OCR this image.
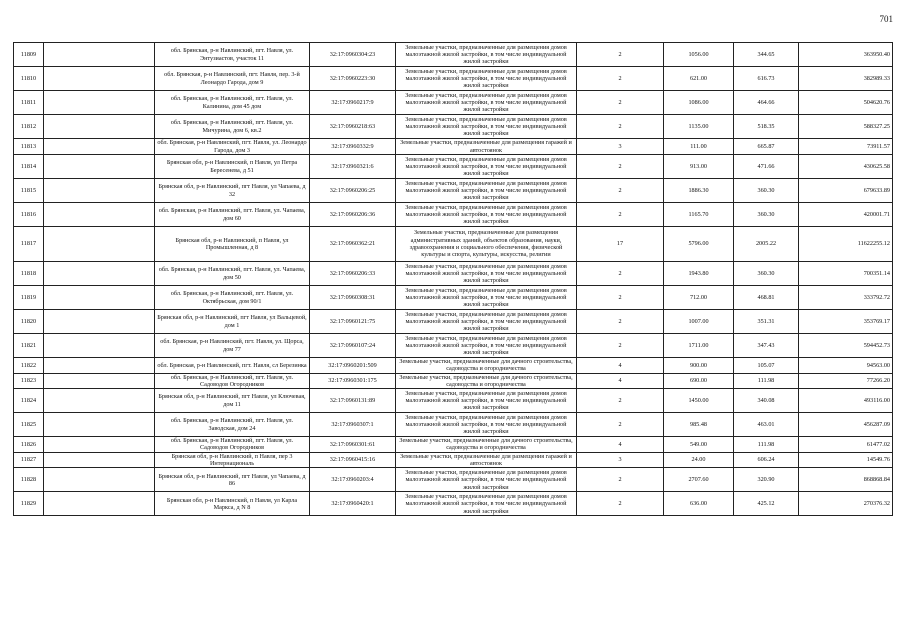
701
11809		обл. Брянская, р-н Навлинский, пгт. Навля, ул. Энтузиастов, участок 11	32:17:0960304:23	Земельные участки, предназначенные для размещения домов малоэтажной жилой застройки, в том числе индивидуальной жилой застройки	2	1056.00	344.65	363950.40
11810		обл. Брянская, р-н Навлинский, пгт. Навля, пер. 3-й Леонардо Гарода, дом 9	32:17:0960223:30	Земельные участки, предназначенные для размещения домов малоэтажной жилой застройки, в том числе индивидуальной жилой застройки	2	621.00	616.73	382989.33
11811		обл. Брянская, р-н Навлинский, пгт. Навля, ул. Калинина, дом 45 дом	32:17:0960217:9	Земельные участки, предназначенные для размещения домов малоэтажной жилой застройки, в том числе индивидуальной жилой застройки	2	1086.00	464.66	504620.76
11812		обл. Брянская, р-н Навлинский, пгт. Навля, ул. Мичурина, дом 6, кв.2	32:17:0960218:63	Земельные участки, предназначенные для размещения домов малоэтажной жилой застройки, в том числе индивидуальной жилой застройки	2	1135.00	518.35	588327.25
11813		обл. Брянская, р-н Навлинский, пгт. Навля, ул. Леонардо Гарода, дом 3	32:17:0960332:9	Земельные участки, предназначенные для размещения гаражей и автостоянок	3	111.00	665.87	73911.57
11814		Брянская обл, р-н Навлинский, п Навля, ул Петра Бересенева, д 51	32:17:0960321:6	Земельные участки, предназначенные для размещения домов малоэтажной жилой застройки, в том числе индивидуальной жилой застройки	2	913.00	471.66	430625.58
11815		Брянская обл, р-н Навлинский, пгт Навля, ул Чапаева, д 32	32:17:0960206:25	Земельные участки, предназначенные для размещения домов малоэтажной жилой застройки, в том числе индивидуальной жилой застройки	2	1886.30	360.30	679633.89
11816		обл. Брянская, р-н Навлинский, пгт. Навля, ул. Чапаева, дом 60	32:17:0960206:36	Земельные участки, предназначенные для размещения домов малоэтажной жилой застройки, в том числе индивидуальной жилой застройки	2	1165.70	360.30	420001.71
11817		Брянская обл, р-н Навлинский, п Навля, ул Промышленная, д 8	32:17:0960362:21	Земельные участки, предназначенные для размещения административных зданий, объектов образования, науки, здравоохранения и социального обеспечения, физической культуры и спорта, культуры, искусства, религии	17	5796.00	2005.22	11622255.12
11818		обл. Брянская, р-н Навлинский, пгт. Навля, ул. Чапаева, дом 50	32:17:0960206:33	Земельные участки, предназначенные для размещения домов малоэтажной жилой застройки, в том числе индивидуальной жилой застройки	2	1943.80	360.30	700351.14
11819		обл. Брянская, р-н Навлинский, пгт. Навля, ул. Октябрьская, дом 90/1	32:17:0960308:31	Земельные участки, предназначенные для размещения домов малоэтажной жилой застройки, в том числе индивидуальной жилой застройки	2	712.00	468.81	333792.72
11820		Брянская обл, р-н Навлинский, пгт Навля, ул Вальцевой, дом 1	32:17:0960121:75	Земельные участки, предназначенные для размещения домов малоэтажной жилой застройки, в том числе индивидуальной жилой застройки	2	1007.00	351.31	353769.17
11821		обл. Брянская, р-н Навлинский, пгт. Навля, ул. Щорса, дом 77	32:17:0960107:24	Земельные участки, предназначенные для размещения домов малоэтажной жилой застройки, в том числе индивидуальной жилой застройки	2	1711.00	347.43	594452.73
11822		обл. Брянская, р-н Навлинский, пгт. Навля, сл Березинка	32:17:0960201:509	Земельные участки, предназначенные для дачного строительства, садоводства и огородничества	4	900.00	105.07	94563.00
11823		обл. Брянская, р-н Навлинский, пгт. Навля, ул. Садоводов Огородников	32:17:0960301:175	Земельные участки, предназначенные для дачного строительства, садоводства и огородничества	4	690.00	111.98	77266.20
11824		Брянская обл, р-н Навлинский, пгт Навля, ул Ключевая, дом 11	32:17:0960131:89	Земельные участки, предназначенные для размещения домов малоэтажной жилой застройки, в том числе индивидуальной жилой застройки	2	1450.00	340.08	493116.00
11825		обл. Брянская, р-н Навлинский, пгт. Навля, ул. Заводская, дом 24	32:17:0960307:1	Земельные участки, предназначенные для размещения домов малоэтажной жилой застройки, в том числе индивидуальной жилой застройки	2	985.48	463.01	456287.09
11826		обл. Брянская, р-н Навлинский, пгт. Навля, ул. Садоводов Огородников	32:17:0960301:61	Земельные участки, предназначенные для дачного строительства, садоводства и огородничества	4	549.00	111.98	61477.02
11827		Брянская обл, р-н Навлинский, п Навля, пер 3 Интернациональ	32:17:0960415:16	Земельные участки, предназначенные для размещения гаражей и автостоянок	3	24.00	606.24	14549.76
11828		Брянская обл, р-н Навлинский, пгт Навля, ул Чапаева, д 86	32:17:0960203:4	Земельные участки, предназначенные для размещения домов малоэтажной жилой застройки, в том числе индивидуальной жилой застройки	2	2707.60	320.90	868868.84
11829		Брянская обл, р-н Навлинский, п Навля, ул Карла Маркса, д N 8	32:17:0960420:1	Земельные участки, предназначенные для размещения домов малоэтажной жилой застройки, в том числе индивидуальной жилой застройки	2	636.00	425.12	270376.32
